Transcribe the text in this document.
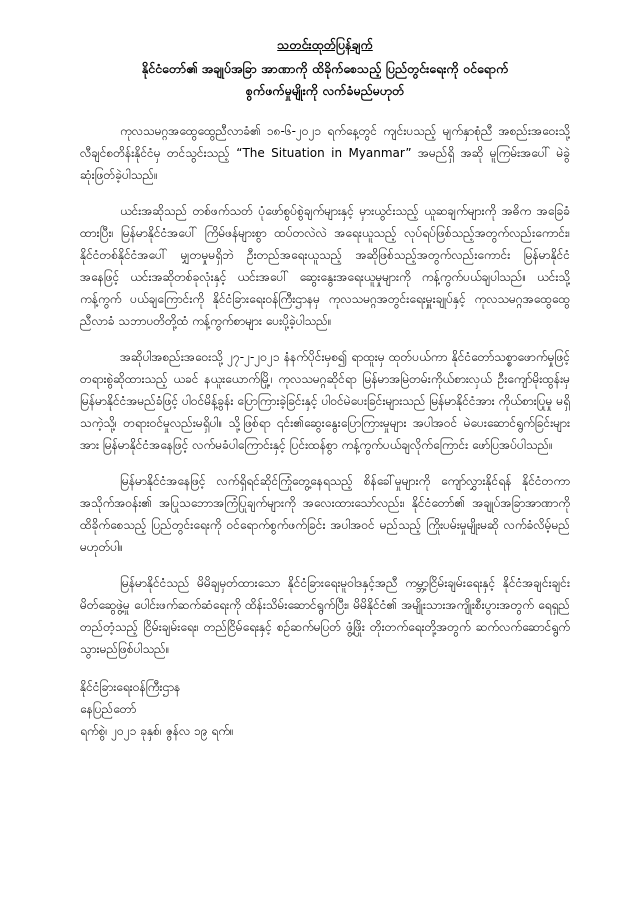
သတင်းထုတ်ပြန်ချက်

နိုင်ငံတော်၏ အချုပ်အခြာ အာဏာကို ထိခိုက်စေသည့် ပြည်တွင်းရေးကို ဝင်ရောက်

စွက်ဖက်မှုမျိုးကို လက်ခံမည်မဟုတ်

ကုလသမဂ္ဂအထွေထွေညီလာခံ၏ ၁၈-၆-၂၀၂၁ ရက်နေ့တွင် ကျင်းပသည့် မျက်နှာစုံညီ အစည်းအဝေးသို့ လီချင်စတိန်းနိုင်ငံမှ တင်သွင်းသည့် “The Situation in Myanmar” အမည်ရှိ အဆို မူကြမ်းအပေါ် မဲခွဲဆုံးဖြတ်ခဲ့ပါသည်။

ယင်းအဆိုသည် တစ်ဖက်သတ် ပုံဖော်စွပ်စွဲချက်များနှင့် မှားယွင်းသည့် ယူဆချက်များကို အဓိက အခြေခံထားပြီး၊ မြန်မာနိုင်ငံအပေါ် ကြိမ်ဖန်များစွာ ထပ်တလဲလဲ အရေးယူသည့် လုပ်ရပ်ဖြစ်သည့်အတွက်လည်းကောင်း၊ နိုင်ငံတစ်နိုင်ငံအပေါ် မျှတမှုမရှိဘဲ ဦးတည်အရေးယူသည့် အဆိုဖြစ်သည့်အတွက်လည်းကောင်း မြန်မာနိုင်ငံအနေဖြင့် ယင်းအဆိုတစ်ခုလုံးနှင့် ယင်းအပေါ် ဆွေးနွေးအရေးယူမှုများကို ကန့်ကွက်ပယ်ချပါသည်။ ယင်းသို့ ကန့်ကွက် ပယ်ချကြောင်းကို နိုင်ငံခြားရေးဝန်ကြီးဌာနမှ ကုလသမဂ္ဂအတွင်းရေးမှူးချုပ်နှင့် ကုလသမဂ္ဂအထွေထွေညီလာခံ သဘာပတိတို့ထံ ကန့်ကွက်စာများ ပေးပို့ခဲ့ပါသည်။

အဆိုပါအစည်းအဝေးသို့ ၂၇-၂-၂၀၂၁ နံနက်ပိုင်းမှစ၍ ရာထူးမှ ထုတ်ပယ်ကာ နိုင်ငံတော်သစ္စာဖောက်မှုဖြင့် တရားစွဲဆိုထားသည့် ယခင် နယူးယောက်မြို့၊ ကုလသမဂ္ဂဆိုင်ရာ မြန်မာအမြဲတမ်းကိုယ်စားလှယ် ဦးကျော်မိုးထွန်းမှ မြန်မာနိုင်ငံအမည်ခံဖြင့် ပါဝင်မိန့်ခွန်း ပြောကြားခဲ့ခြင်းနှင့် ပါဝင်မဲပေးခြင်းများသည် မြန်မာနိုင်ငံအား ကိုယ်စားပြုမှု မရှိသကဲ့သို့၊ တရားဝင်မှုလည်းမရှိပါ။ သို့ဖြစ်ရာ ၎င်း၏ဆွေးနွေးပြောကြားမှုများ အပါအဝင် မဲပေးဆောင်ရွက်ခြင်းများအား မြန်မာနိုင်ငံအနေဖြင့် လက်မခံပါကြောင်းနှင့် ပြင်းထန်စွာ ကန့်ကွက်ပယ်ချလိုက်ကြောင်း ဖော်ပြအပ်ပါသည်။

မြန်မာနိုင်ငံအနေဖြင့် လက်ရှိရင်ဆိုင်ကြုံတွေ့နေရသည့် စိန်ခေါ်မှုများကို ကျော်လွှားနိုင်ရန် နိုင်ငံတကာအသိုက်အဝန်း၏ အပြုသဘောအကြံပြုချက်များကို အလေးထားသော်လည်း၊ နိုင်ငံတော်၏ အချုပ်အခြာအာဏာကို ထိခိုက်စေသည့် ပြည်တွင်းရေးကို ဝင်ရောက်စွက်ဖက်ခြင်း အပါအဝင် မည်သည့် ကြိုးပမ်းမှုမျိုးမဆို လက်ခံလိမ့်မည်မဟုတ်ပါ။

မြန်မာနိုင်ငံသည် မိမိချမှတ်ထားသော နိုင်ငံခြားရေးမူဝါဒနှင့်အညီ ကမ္ဘာ့ငြိမ်းချမ်းရေးနှင့် နိုင်ငံအချင်းချင်း မိတ်ဆွေဖွဲ့မှု ပေါင်းဖက်ဆက်ဆံရေးကို ထိန်းသိမ်းဆောင်ရွက်ပြီး၊ မိမိနိုင်ငံ၏ အမျိုးသားအကျိုးစီးပွားအတွက် ရေရှည်တည်တံ့သည့် ငြိမ်းချမ်းရေး၊ တည်ငြိမ်ရေးနှင့် စဉ်ဆက်မပြတ် ဖွံ့ဖြိုး တိုးတက်ရေးတို့အတွက် ဆက်လက်ဆောင်ရွက်သွားမည်ဖြစ်ပါသည်။

နိုင်ငံခြားရေးဝန်ကြီးဌာန
နေပြည်တော်
ရက်စွဲ၊ ၂၀၂၁ ခုနှစ်၊ ဇွန်လ ၁၉ ရက်။
